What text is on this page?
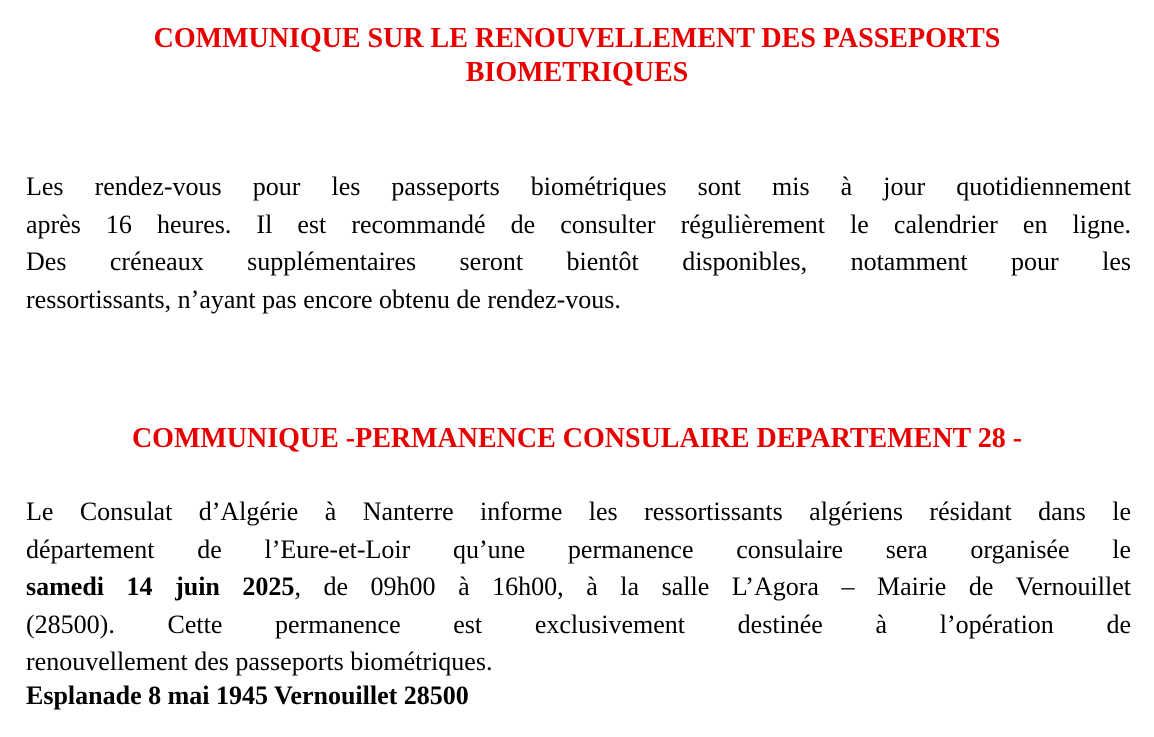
COMMUNIQUE SUR LE RENOUVELLEMENT DES PASSEPORTS
BIOMETRIQUES
Les rendez-vous pour les passeports biométriques sont mis à jour quotidiennement
après 16 heures. Il est recommandé de consulter régulièrement le calendrier en ligne.
Des créneaux supplémentaires seront bientôt disponibles, notamment pour les
ressortissants, n’ayant pas encore obtenu de rendez-vous.
COMMUNIQUE -PERMANENCE CONSULAIRE DEPARTEMENT 28 -
Le Consulat d’Algérie à Nanterre informe les ressortissants algériens résidant dans le
département de l’Eure-et-Loir qu’une permanence consulaire sera organisée le
samedi 14 juin 2025, de 09h00 à 16h00, à la salle L’Agora – Mairie de Vernouillet
(28500). Cette permanence est exclusivement destinée à l’opération de
renouvellement des passeports biométriques.
Esplanade 8 mai 1945 Vernouillet 28500
